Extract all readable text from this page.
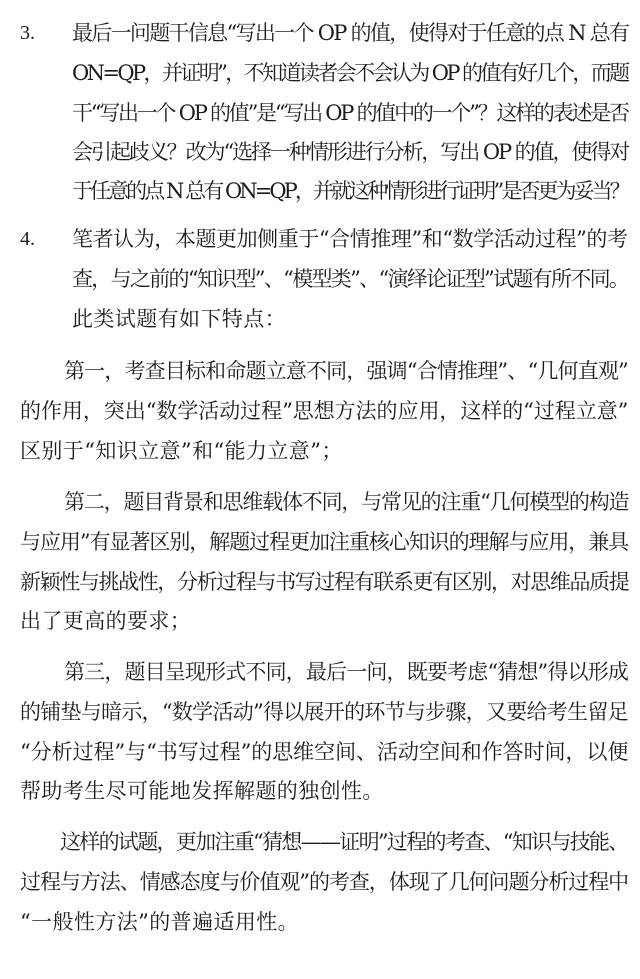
3. 最后一问题干信息“写出一个 OP 的值，使得对于任意的点 N 总有
ON=QP，并证明”，不知道读者会不会认为 OP 的值有好几个，而题
干“写出一个 OP 的值”是“写出 OP 的值中的一个”？这样的表述是否
会引起歧义？改为“选择一种情形进行分析，写出 OP 的值，使得对
于任意的点 N 总有 ON=QP，并就这种情形进行证明”是否更为妥当？
4. 笔者认为，本题更加侧重于“合情推理”和“数学活动过程”的考
查，与之前的“知识型”、“模型类”、“演绎论证型”试题有所不同。
此类试题有如下特点：
第一，考查目标和命题立意不同，强调“合情推理”、“几何直观”
的作用，突出“数学活动过程”思想方法的应用，这样的“过程立意”
区别于“知识立意”和“能力立意”；
第二，题目背景和思维载体不同，与常见的注重“几何模型的构造
与应用”有显著区别，解题过程更加注重核心知识的理解与应用，兼具
新颖性与挑战性，分析过程与书写过程有联系更有区别，对思维品质提
出了更高的要求；
第三，题目呈现形式不同，最后一问，既要考虑“猜想”得以形成
的铺垫与暗示，“数学活动”得以展开的环节与步骤，又要给考生留足
“分析过程”与“书写过程”的思维空间、活动空间和作答时间，以便
帮助考生尽可能地发挥解题的独创性。
这样的试题，更加注重“猜想——证明”过程的考查、“知识与技能、
过程与方法、情感态度与价值观”的考查，体现了几何问题分析过程中
“一般性方法”的普遍适用性。
